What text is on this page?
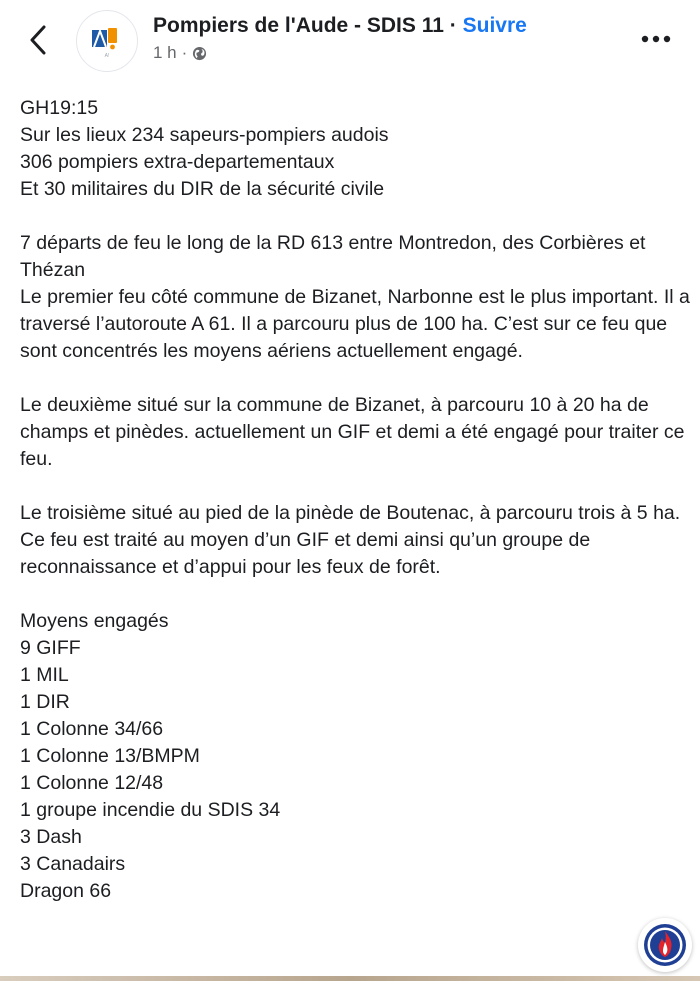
A!
Pompiers de l'Aude - SDIS 11 · Suivre
1 h ·

GH19:15

Sur les lieux 234 sapeurs-pompiers audois

306 pompiers extra-departementaux

Et 30 militaires du DIR de la sécurité civile

7 départs de feu le long de la RD 613 entre Montredon, des Corbières et Thézan

Le premier feu côté commune de Bizanet, Narbonne est le plus important. Il a traversé l’autoroute A 61. Il a parcouru plus de 100 ha. C’est sur ce feu que sont concentrés les moyens aériens actuellement engagé.

Le deuxième situé sur la commune de Bizanet, à parcouru 10 à 20 ha de champs et pinèdes. actuellement un GIF et demi a été engagé pour traiter ce feu.

Le troisième situé au pied de la pinède de Boutenac, à parcouru trois à 5 ha. Ce feu est traité au moyen d’un GIF et demi ainsi qu’un groupe de reconnaissance et d’appui pour les feux de forêt.

Moyens engagés

9 GIFF

1 MIL

1 DIR

1 Colonne 34/66

1 Colonne 13/BMPM

1 Colonne 12/48

1 groupe incendie du SDIS 34

3 Dash

3 Canadairs

Dragon 66
